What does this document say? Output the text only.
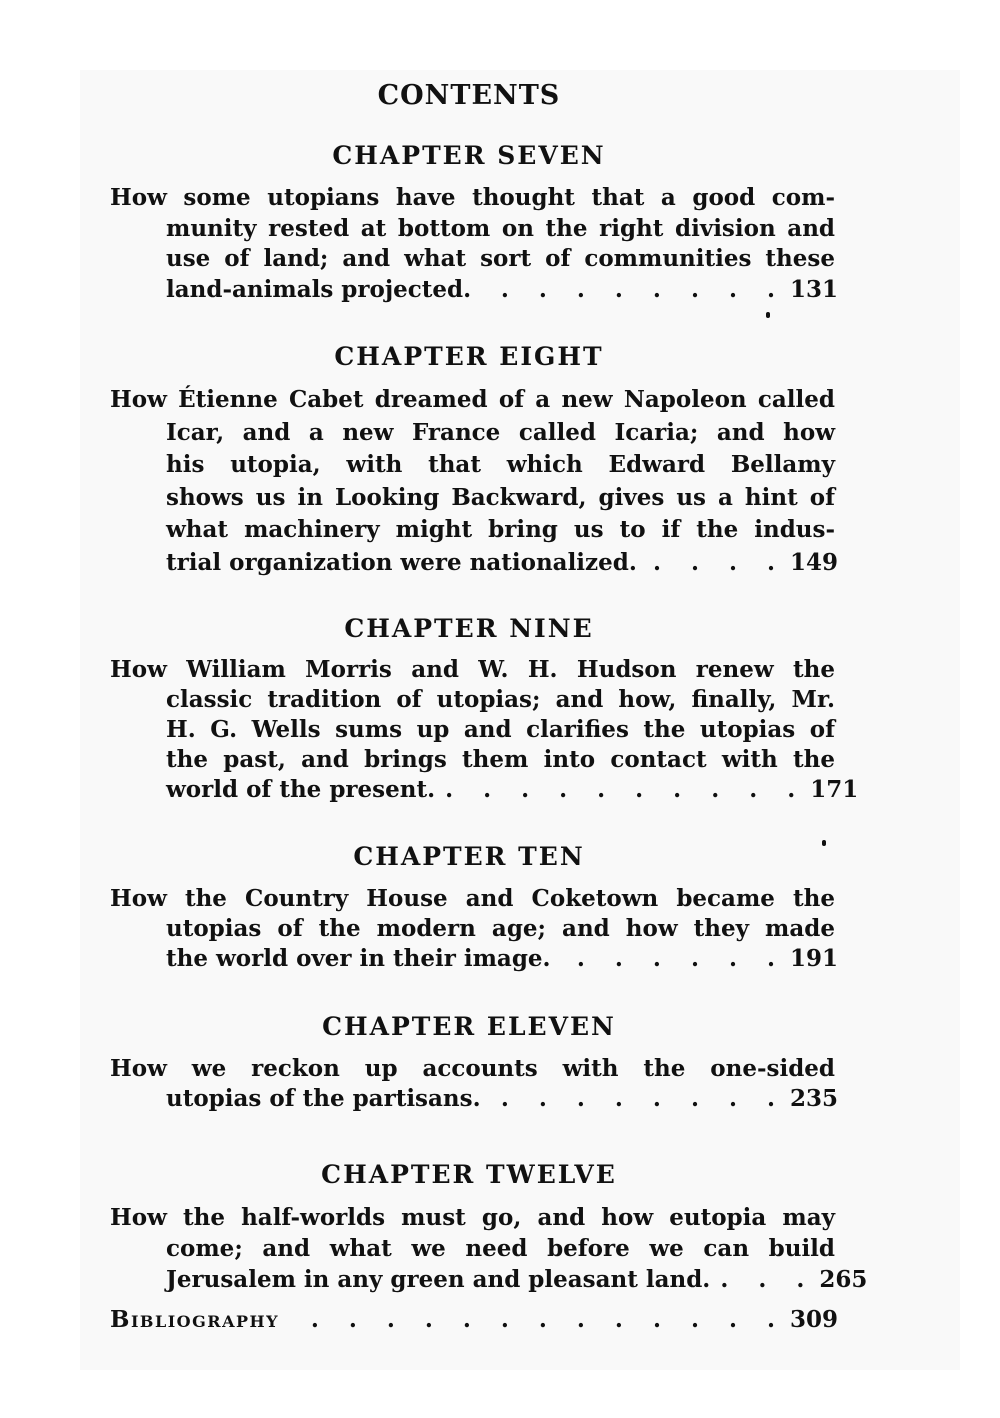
CONTENTS
CHAPTER SEVEN
How some utopians have thought that a good com-
munity rested at bottom on the right division and
use of land; and what sort of communities these
land-animals projected.	. . . . . . . . 131
CHAPTER EIGHT
How Étienne Cabet dreamed of a new Napoleon called
Icar, and a new France called Icaria; and how
his utopia, with that which Edward Bellamy
shows us in Looking Backward, gives us a hint of
what machinery might bring us to if the indus-
trial organization were nationalized. . . . . 149
CHAPTER NINE
How William Morris and W. H. Hudson renew the
classic tradition of utopias; and how, finally, Mr.
H. G. Wells sums up and clarifies the utopias of
the past, and brings them into contact with the
world of the present. . . . . . . . . . . 171
CHAPTER TEN
How the Country House and Coketown became the
utopias of the modern age; and how they made
the world over in their image.	. . . . . . 191
CHAPTER ELEVEN
How we reckon up accounts with the one-sided
utopias of the partisans. . . . . . . . . 235
CHAPTER TWELVE
How the half-worlds must go, and how eutopia may
come; and what we need before we can build
Jerusalem in any green and pleasant land. . . . 265
Bibliography	. . . . . . . . . . . . . 309
